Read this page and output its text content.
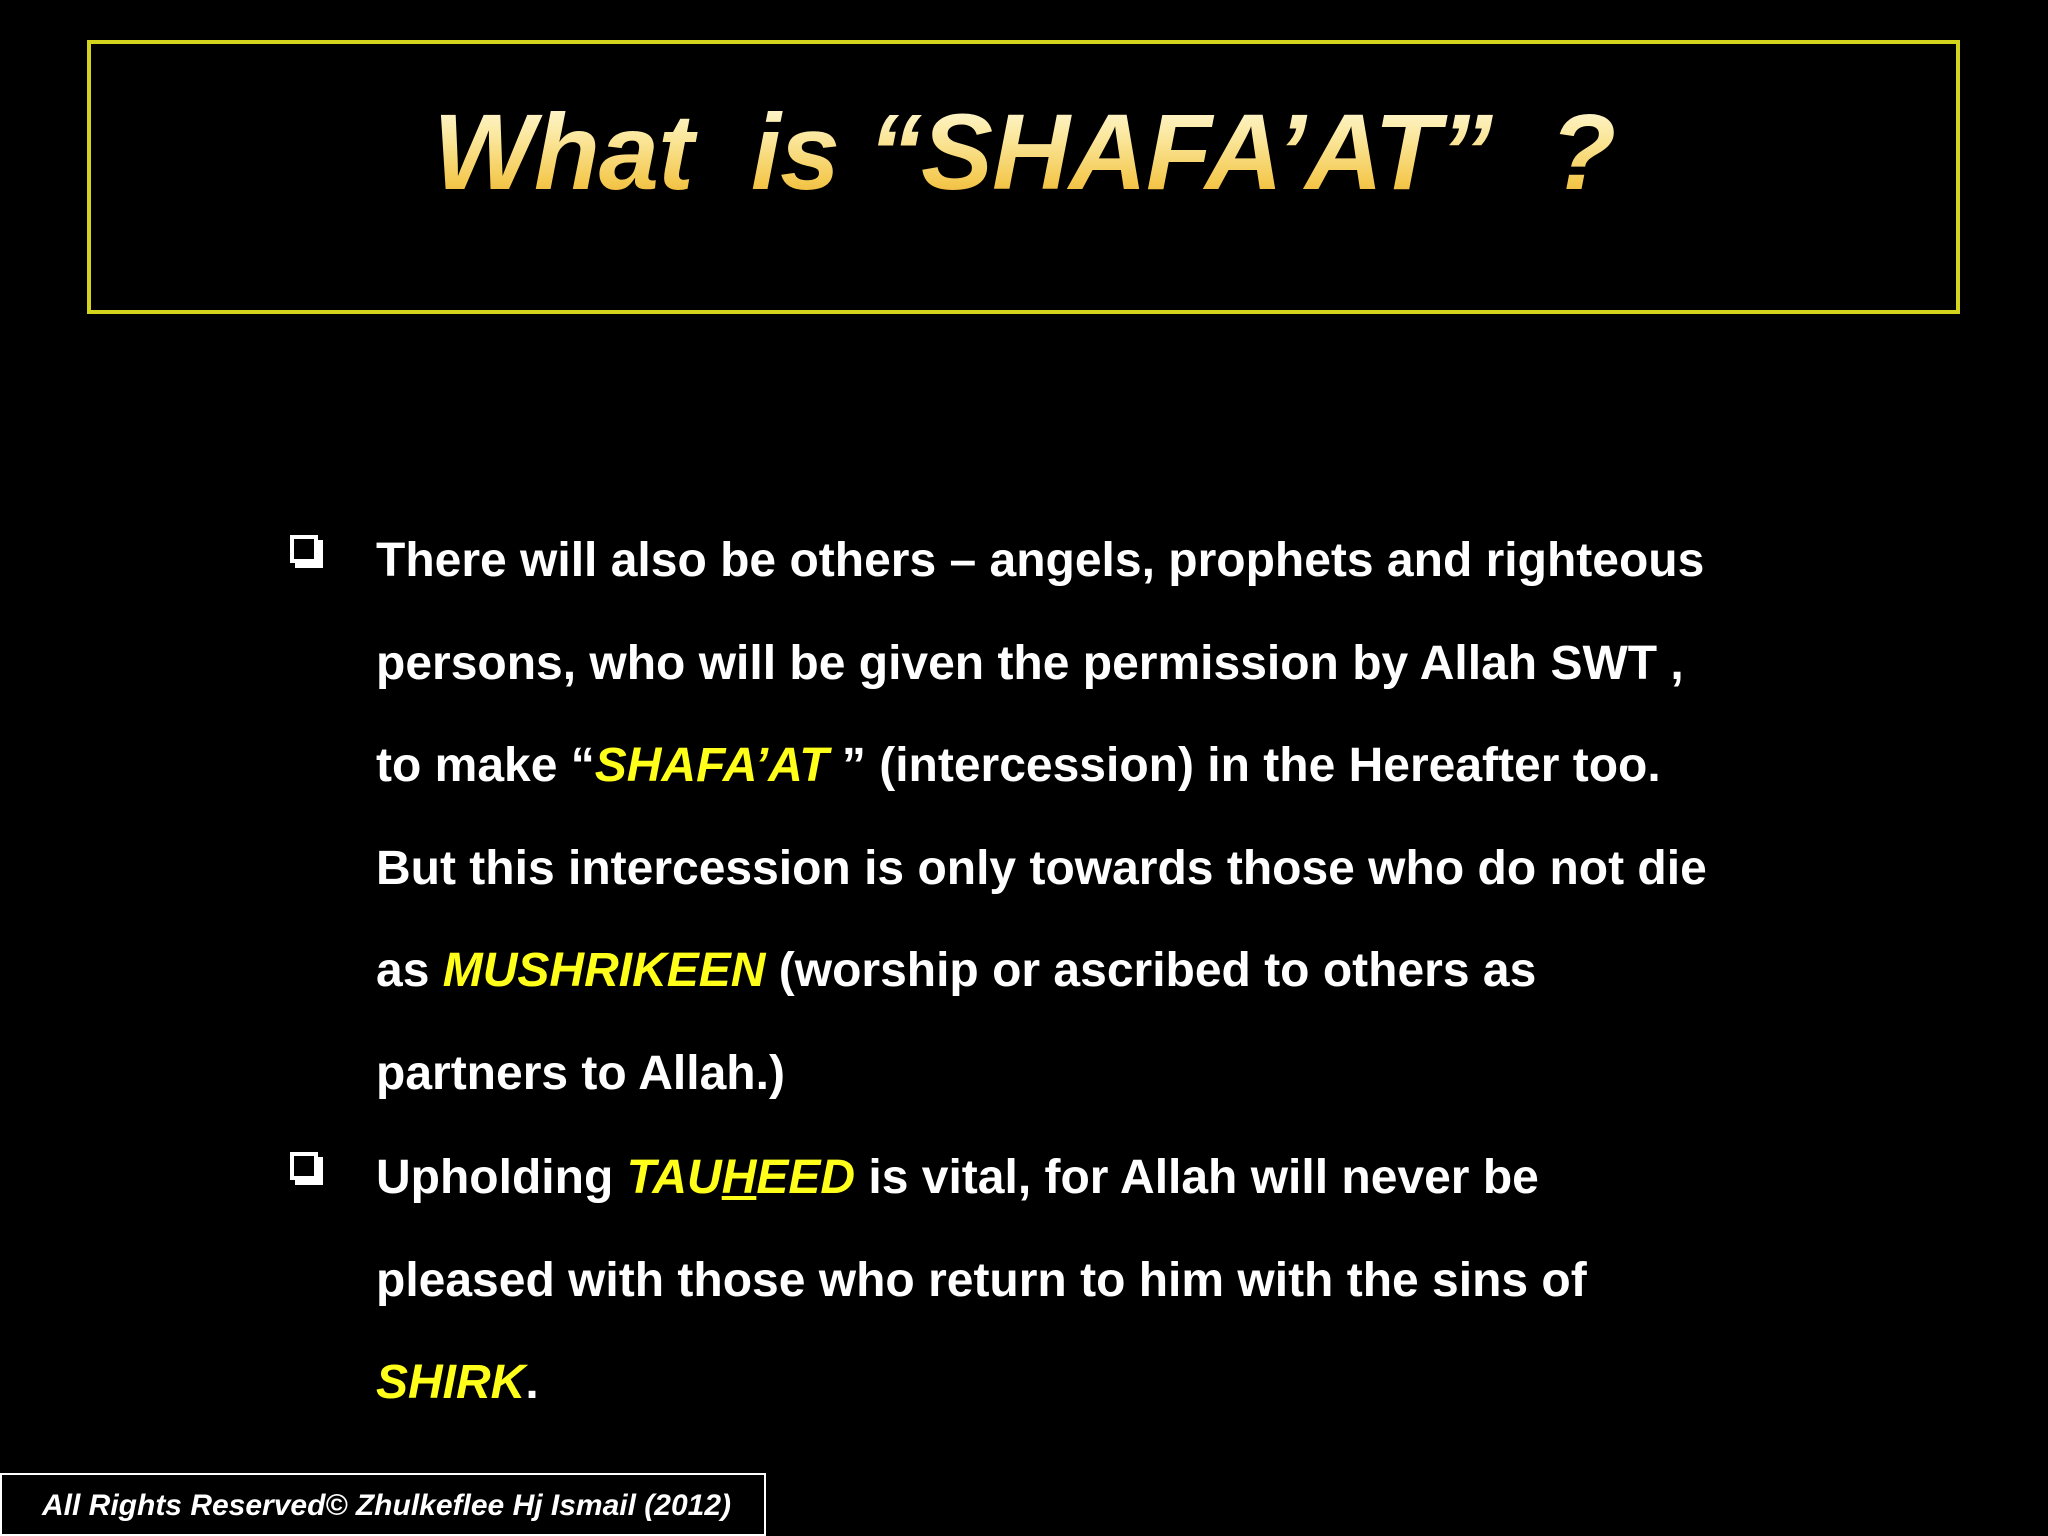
What  is “SHAFA’AT”  ?
There will also be others – angels, prophets and righteous
persons, who will be given the permission by Allah SWT ,
to make “SHAFA’AT ” (intercession) in the Hereafter too.
But this intercession is only towards those who do not die
as MUSHRIKEEN (worship or ascribed to others as
partners to Allah.)
Upholding TAUHEED is vital, for Allah will never be
pleased with those who return to him with the sins of
SHIRK.
All Rights Reserved© Zhulkeflee Hj Ismail (2012)
